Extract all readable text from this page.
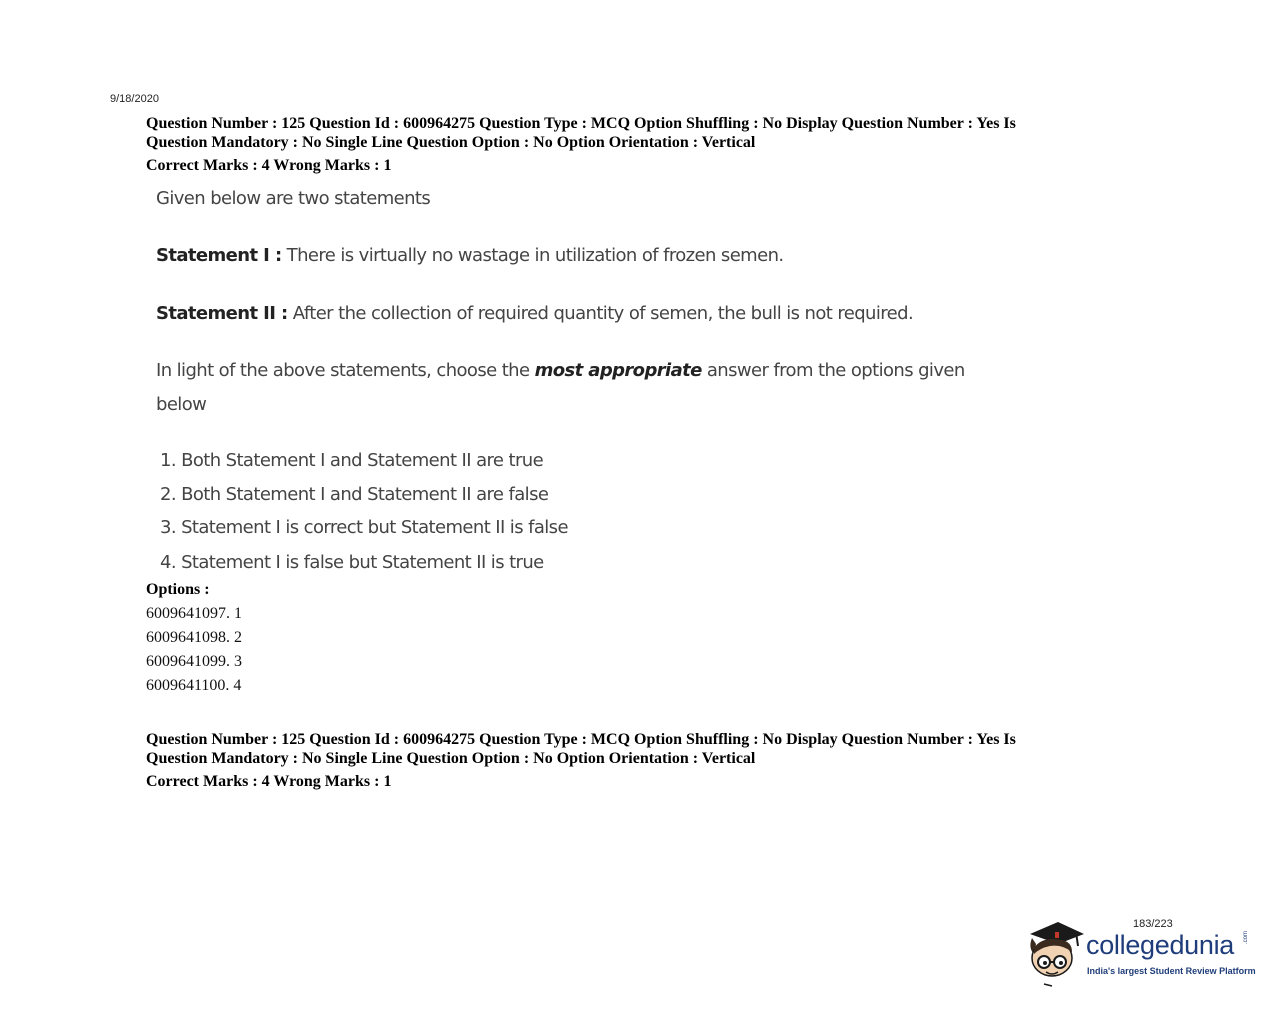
9/18/2020
Question Number : 125 Question Id : 600964275 Question Type : MCQ Option Shuffling : No Display Question Number : Yes Is
Question Mandatory : No Single Line Question Option : No Option Orientation : Vertical
Correct Marks : 4 Wrong Marks : 1
Given below are two statements
Statement I : There is virtually no wastage in utilization of frozen semen.
Statement II : After the collection of required quantity of semen, the bull is not required.
In light of the above statements, choose the most appropriate answer from the options given
below
1. Both Statement I and Statement II are true
2. Both Statement I and Statement II are false
3. Statement I is correct but Statement II is false
4. Statement I is false but Statement II is true
Options :
6009641097. 1
6009641098. 2
6009641099. 3
6009641100. 4
Question Number : 125 Question Id : 600964275 Question Type : MCQ Option Shuffling : No Display Question Number : Yes Is
Question Mandatory : No Single Line Question Option : No Option Orientation : Vertical
Correct Marks : 4 Wrong Marks : 1
183/223
collegedunia .com
India's largest Student Review Platform
